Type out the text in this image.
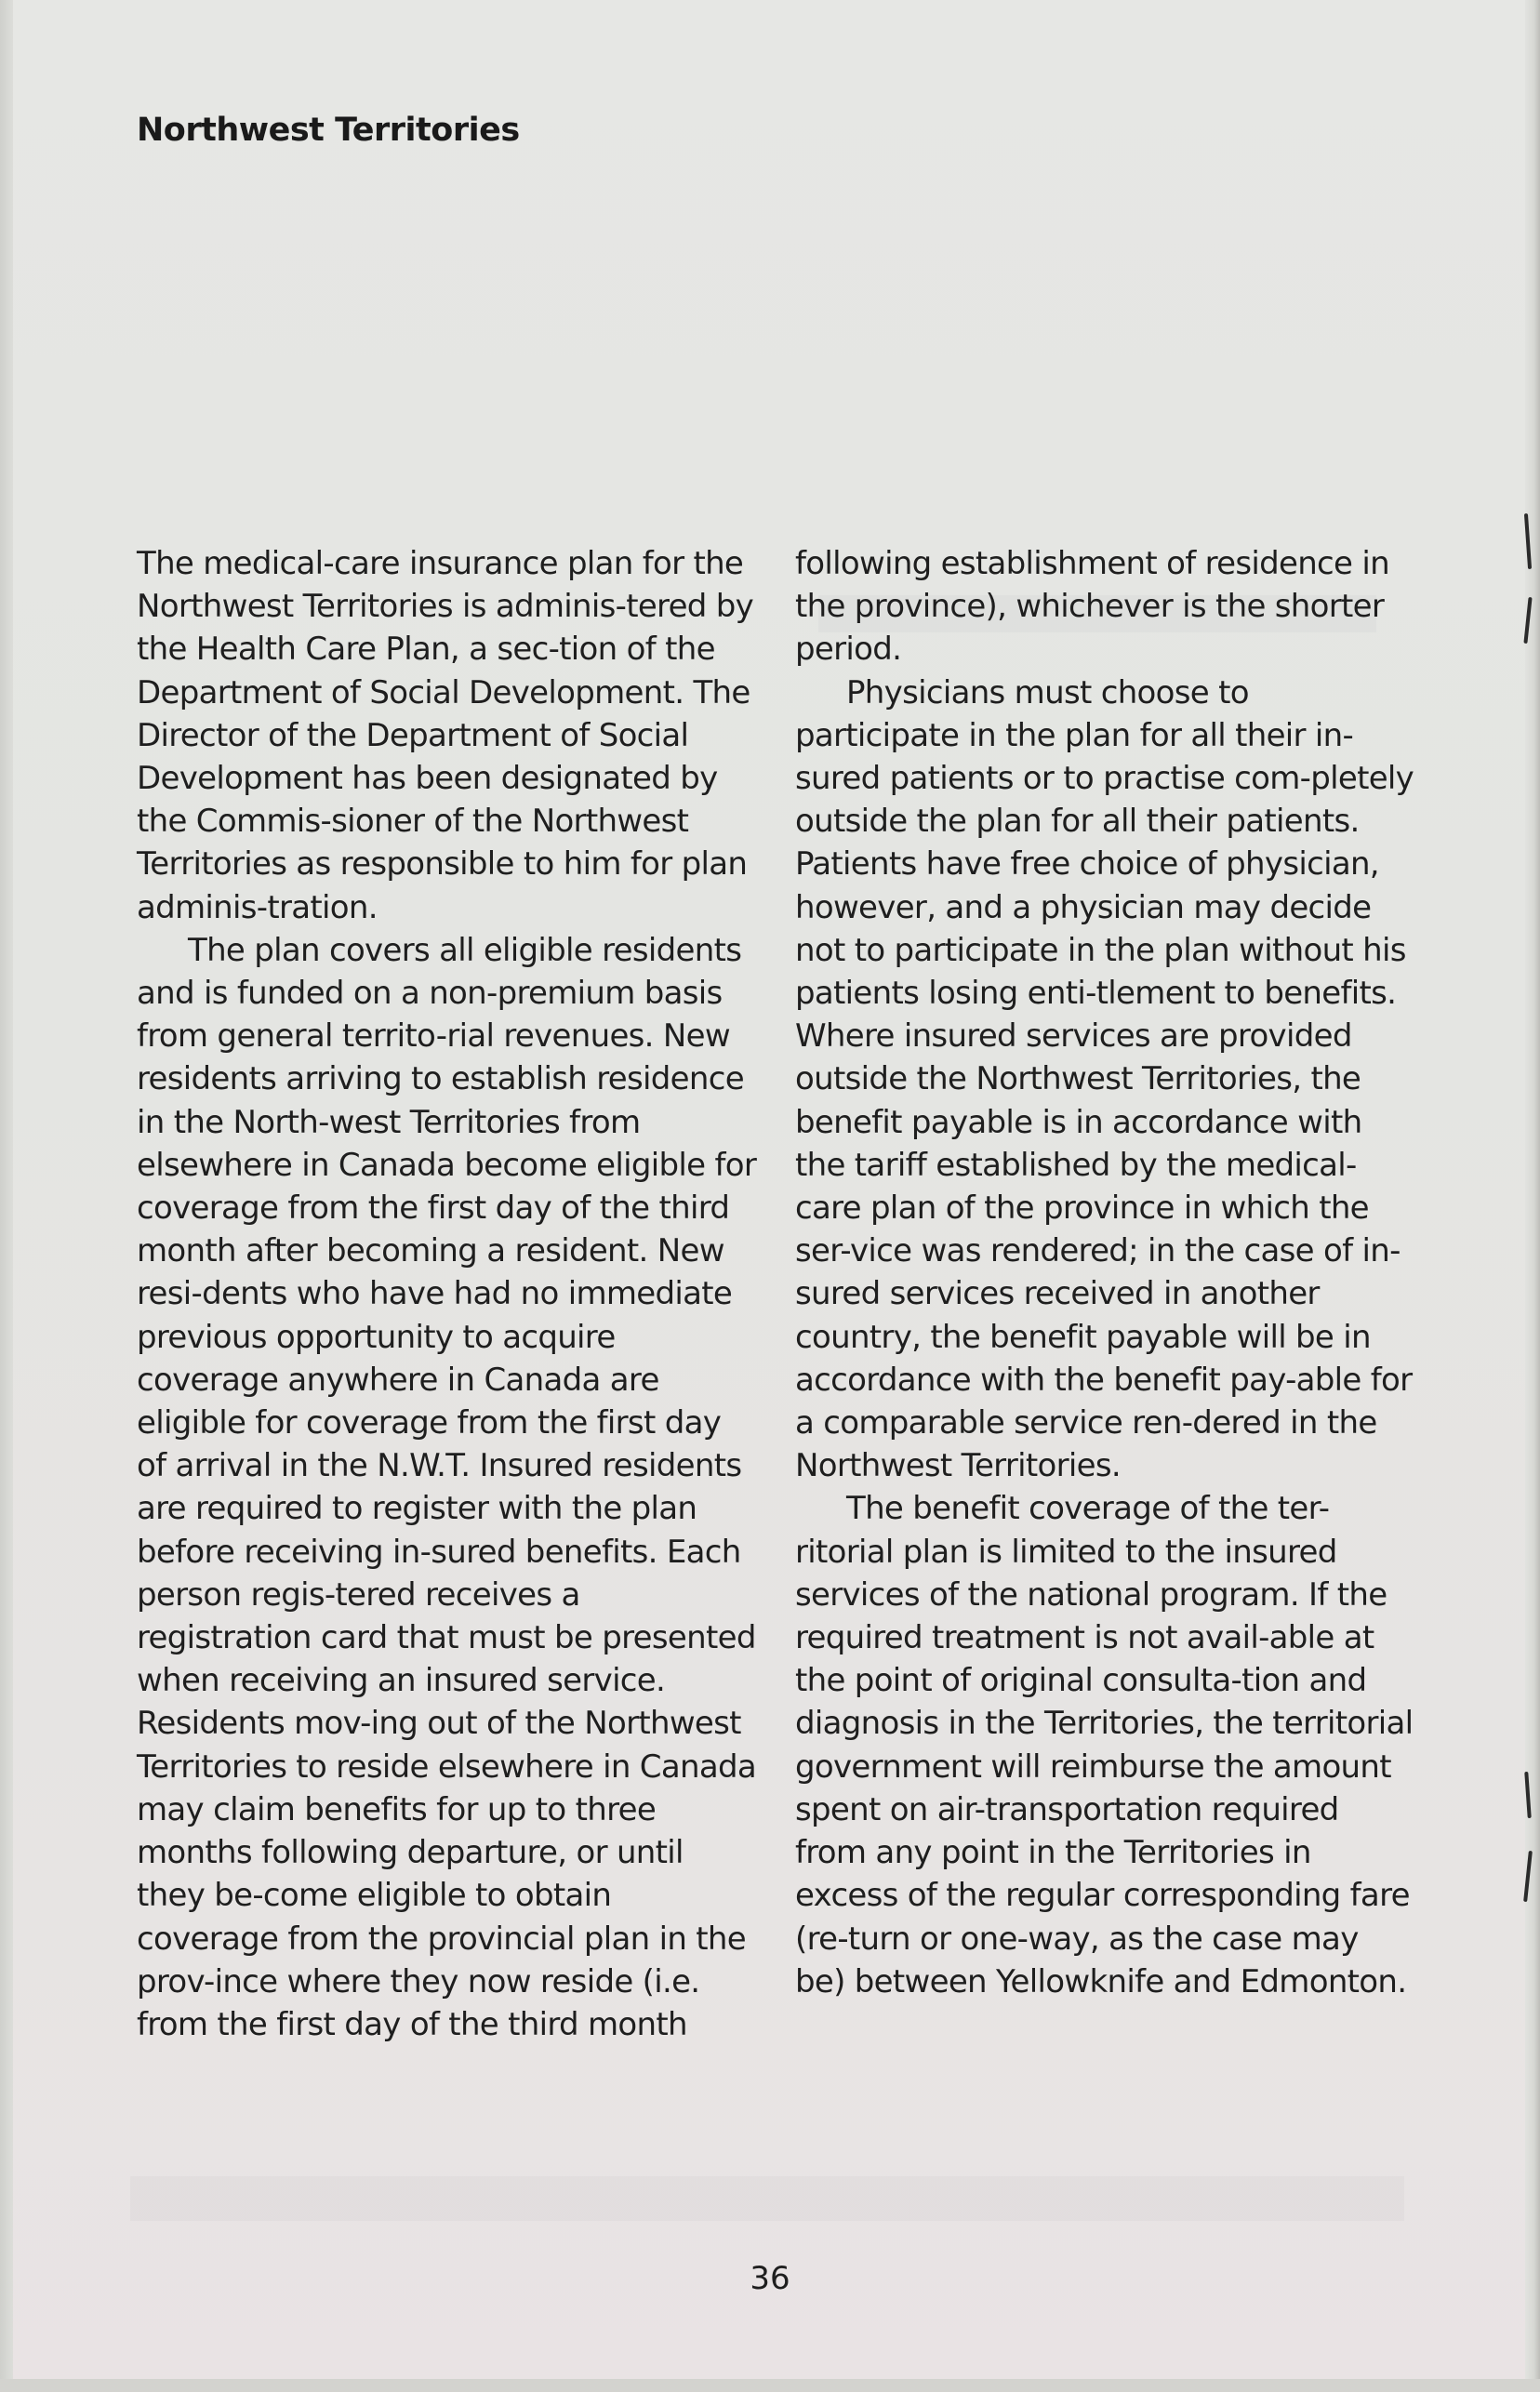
Northwest Territories

The medical-care insurance plan for the Northwest Territories is adminis-tered by the Health Care Plan, a sec-tion of the Department of Social Development. The Director of the Department of Social Development has been designated by the Commis-sioner of the Northwest Territories as responsible to him for plan adminis-tration.

The plan covers all eligible residents and is funded on a non-premium basis from general territo-rial revenues. New residents arriving to establish residence in the North-west Territories from elsewhere in Canada become eligible for coverage from the first day of the third month after becoming a resident. New resi-dents who have had no immediate previous opportunity to acquire coverage anywhere in Canada are eligible for coverage from the first day of arrival in the N.W.T. Insured residents are required to register with the plan before receiving in-sured benefits. Each person regis-tered receives a registration card that must be presented when receiving an insured service. Residents mov-ing out of the Northwest Territories to reside elsewhere in Canada may claim benefits for up to three months following departure, or until they be-come eligible to obtain coverage from the provincial plan in the prov-ince where they now reside (i.e. from the first day of the third month

following establishment of residence in the province), whichever is the shorter period.

Physicians must choose to participate in the plan for all their in-sured patients or to practise com-pletely outside the plan for all their patients. Patients have free choice of physician, however, and a physician may decide not to participate in the plan without his patients losing enti-tlement to benefits. Where insured services are provided outside the Northwest Territories, the benefit payable is in accordance with the tariff established by the medical-care plan of the province in which the ser-vice was rendered; in the case of in-sured services received in another country, the benefit payable will be in accordance with the benefit pay-able for a comparable service ren-dered in the Northwest Territories.

The benefit coverage of the ter-ritorial plan is limited to the insured services of the national program. If the required treatment is not avail-able at the point of original consulta-tion and diagnosis in the Territories, the territorial government will reimburse the amount spent on air-transportation required from any point in the Territories in excess of the regular corresponding fare (re-turn or one-way, as the case may be) between Yellowknife and Edmonton.

36
